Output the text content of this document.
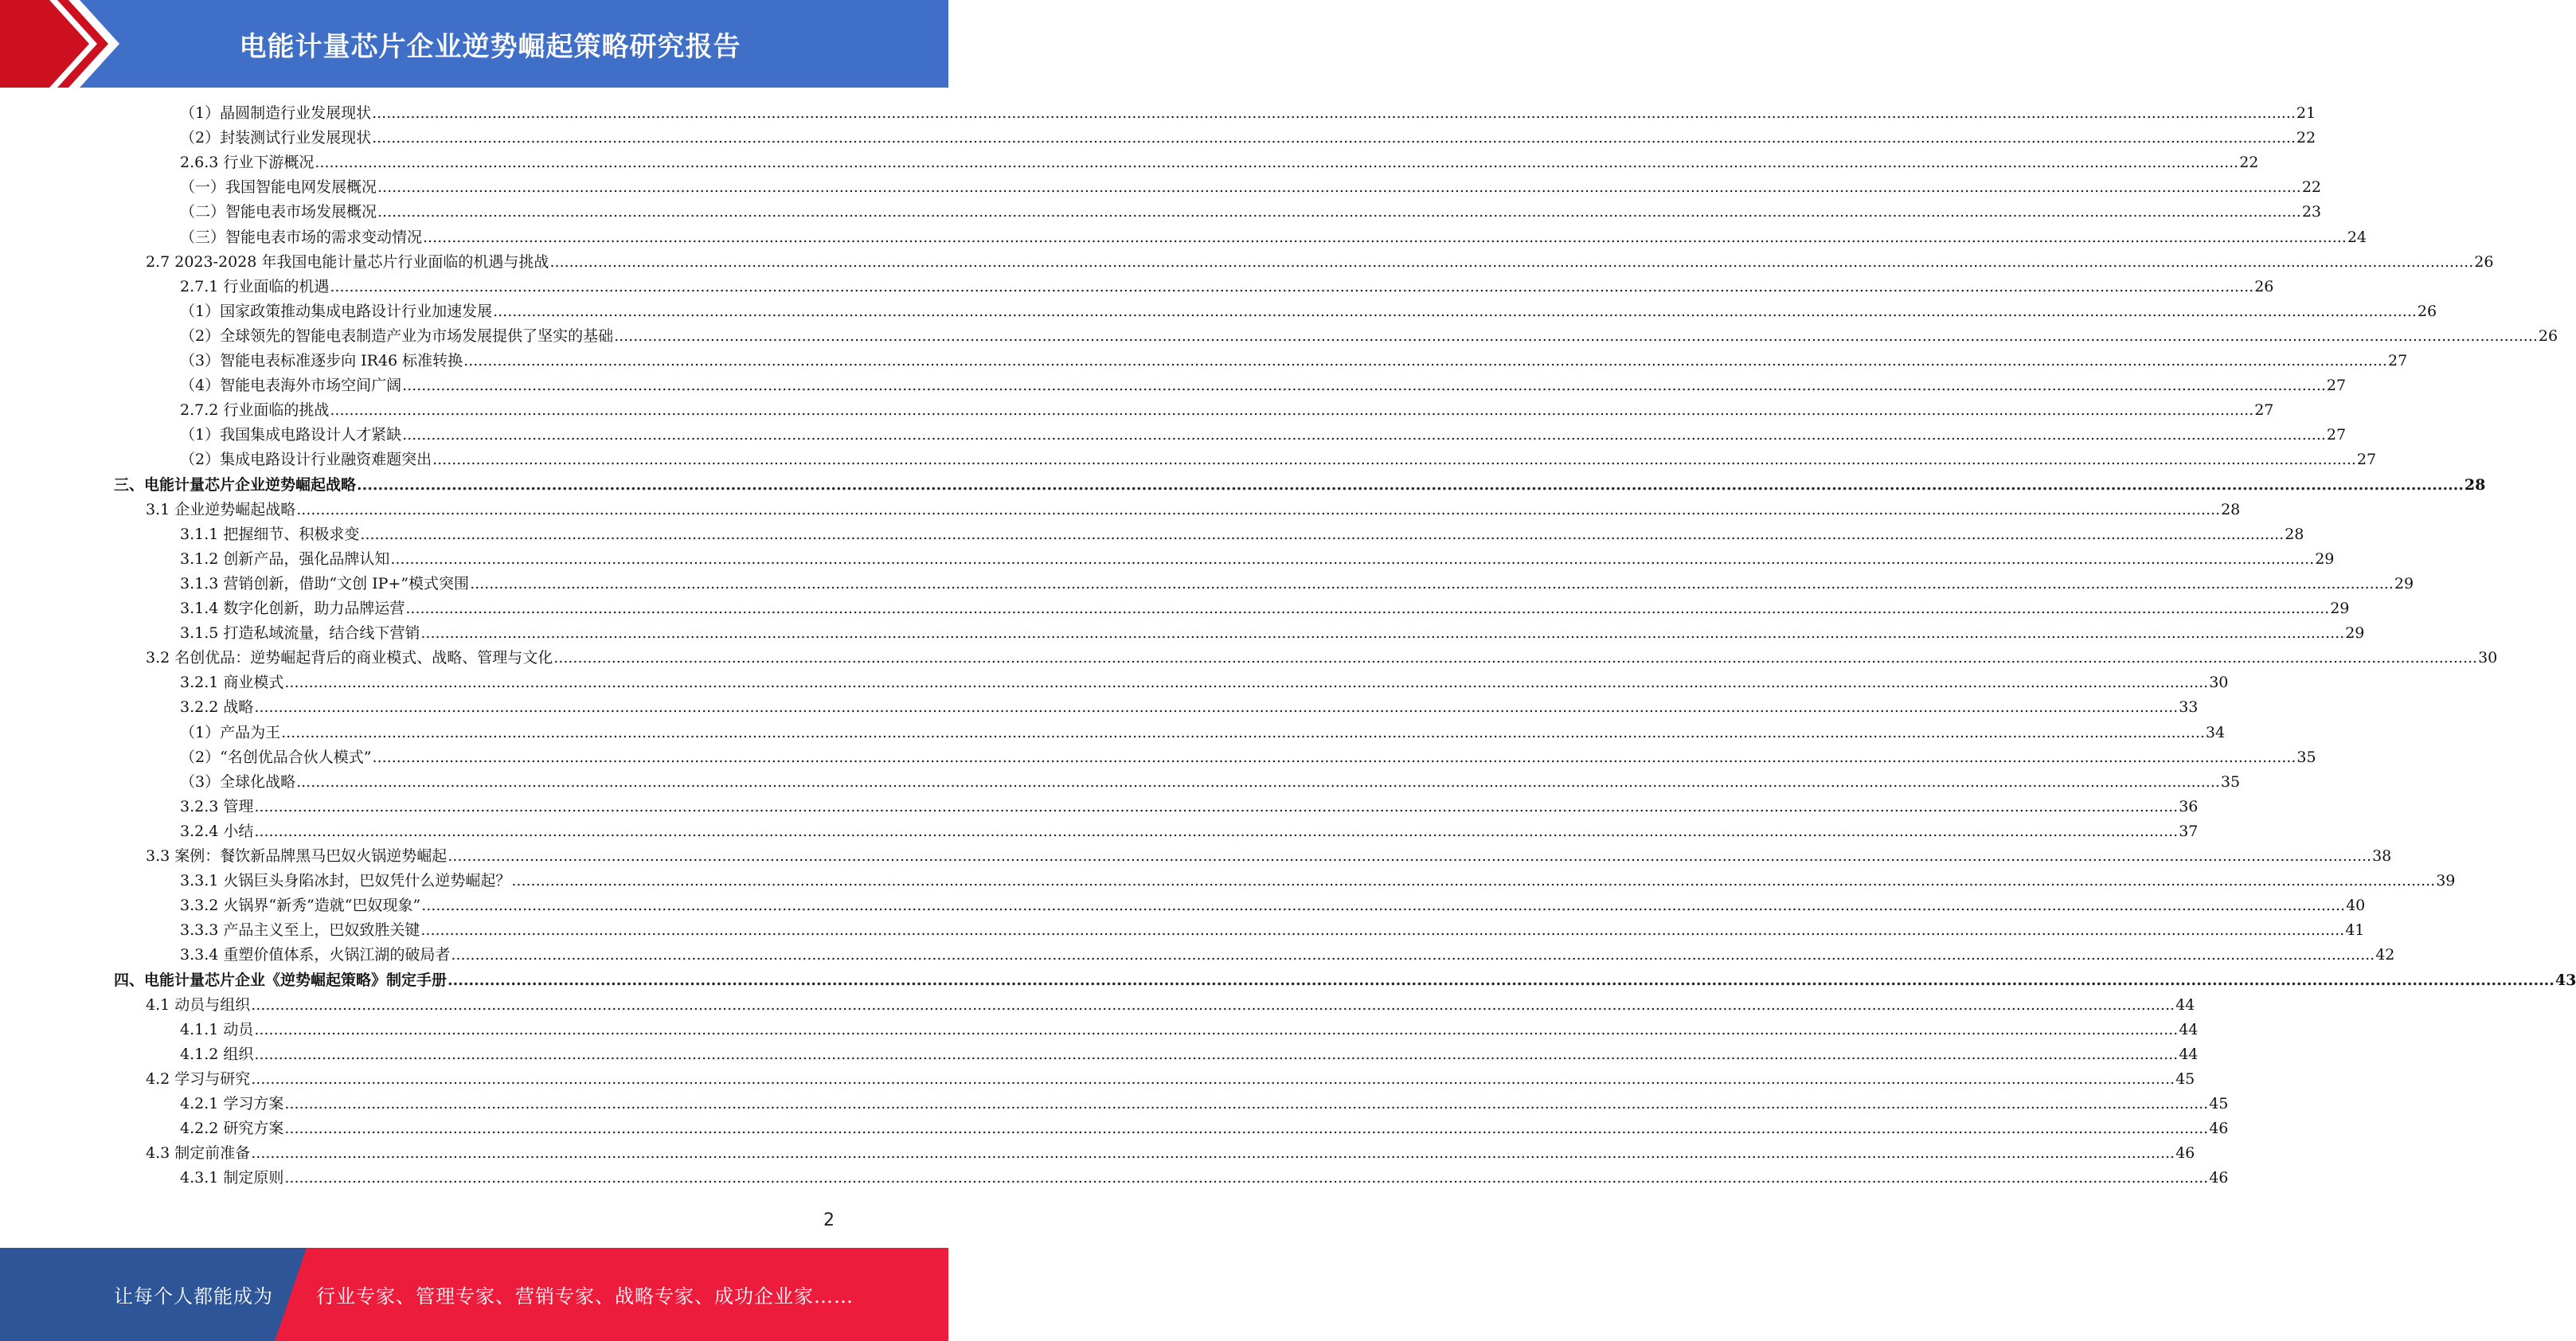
电能计量芯片企业逆势崛起策略研究报告
（1）晶圆制造行业发展现状 ................................................................................................................................................................................................................................................................................................................................................................................................................ 21
（2）封装测试行业发展现状 ................................................................................................................................................................................................................................................................................................................................................................................................................ 22
2.6.3 行业下游概况 ................................................................................................................................................................................................................................................................................................................................................................................................................ 22
（一）我国智能电网发展概况 ................................................................................................................................................................................................................................................................................................................................................................................................................ 22
（二）智能电表市场发展概况 ................................................................................................................................................................................................................................................................................................................................................................................................................ 23
（三）智能电表市场的需求变动情况 ................................................................................................................................................................................................................................................................................................................................................................................................................ 24
2.7 2023-2028 年我国电能计量芯片行业面临的机遇与挑战 ................................................................................................................................................................................................................................................................................................................................................................................................................ 26
2.7.1 行业面临的机遇 ................................................................................................................................................................................................................................................................................................................................................................................................................ 26
（1）国家政策推动集成电路设计行业加速发展 ................................................................................................................................................................................................................................................................................................................................................................................................................ 26
（2）全球领先的智能电表制造产业为市场发展提供了坚实的基础 ................................................................................................................................................................................................................................................................................................................................................................................................................ 26
（3）智能电表标准逐步向 IR46 标准转换 ................................................................................................................................................................................................................................................................................................................................................................................................................ 27
（4）智能电表海外市场空间广阔 ................................................................................................................................................................................................................................................................................................................................................................................................................ 27
2.7.2 行业面临的挑战 ................................................................................................................................................................................................................................................................................................................................................................................................................ 27
（1）我国集成电路设计人才紧缺 ................................................................................................................................................................................................................................................................................................................................................................................................................ 27
（2）集成电路设计行业融资难题突出 ................................................................................................................................................................................................................................................................................................................................................................................................................ 27
三、电能计量芯片企业逆势崛起战略 ................................................................................................................................................................................................................................................................................................................................................................................................................ 28
3.1 企业逆势崛起战略 ................................................................................................................................................................................................................................................................................................................................................................................................................ 28
3.1.1 把握细节、积极求变 ................................................................................................................................................................................................................................................................................................................................................................................................................ 28
3.1.2 创新产品，强化品牌认知 ................................................................................................................................................................................................................................................................................................................................................................................................................ 29
3.1.3 营销创新，借助“文创 IP+”模式突围 ................................................................................................................................................................................................................................................................................................................................................................................................................ 29
3.1.4 数字化创新，助力品牌运营 ................................................................................................................................................................................................................................................................................................................................................................................................................ 29
3.1.5 打造私域流量，结合线下营销 ................................................................................................................................................................................................................................................................................................................................................................................................................ 29
3.2 名创优品：逆势崛起背后的商业模式、战略、管理与文化 ................................................................................................................................................................................................................................................................................................................................................................................................................ 30
3.2.1 商业模式 ................................................................................................................................................................................................................................................................................................................................................................................................................ 30
3.2.2 战略 ................................................................................................................................................................................................................................................................................................................................................................................................................ 33
（1）产品为王 ................................................................................................................................................................................................................................................................................................................................................................................................................ 34
（2）“名创优品合伙人模式” ................................................................................................................................................................................................................................................................................................................................................................................................................ 35
（3）全球化战略 ................................................................................................................................................................................................................................................................................................................................................................................................................ 35
3.2.3 管理 ................................................................................................................................................................................................................................................................................................................................................................................................................ 36
3.2.4 小结 ................................................................................................................................................................................................................................................................................................................................................................................................................ 37
3.3 案例：餐饮新品牌黑马巴奴火锅逆势崛起 ................................................................................................................................................................................................................................................................................................................................................................................................................ 38
3.3.1 火锅巨头身陷冰封，巴奴凭什么逆势崛起？ ................................................................................................................................................................................................................................................................................................................................................................................................................ 39
3.3.2 火锅界“新秀”造就“巴奴现象” ................................................................................................................................................................................................................................................................................................................................................................................................................ 40
3.3.3 产品主义至上，巴奴致胜关键 ................................................................................................................................................................................................................................................................................................................................................................................................................ 41
3.3.4 重塑价值体系，火锅江湖的破局者 ................................................................................................................................................................................................................................................................................................................................................................................................................ 42
四、电能计量芯片企业《逆势崛起策略》制定手册 ................................................................................................................................................................................................................................................................................................................................................................................................................ 43
4.1 动员与组织 ................................................................................................................................................................................................................................................................................................................................................................................................................ 44
4.1.1 动员 ................................................................................................................................................................................................................................................................................................................................................................................................................ 44
4.1.2 组织 ................................................................................................................................................................................................................................................................................................................................................................................................................ 44
4.2 学习与研究 ................................................................................................................................................................................................................................................................................................................................................................................................................ 45
4.2.1 学习方案 ................................................................................................................................................................................................................................................................................................................................................................................................................ 45
4.2.2 研究方案 ................................................................................................................................................................................................................................................................................................................................................................................................................ 46
4.3 制定前准备 ................................................................................................................................................................................................................................................................................................................................................................................................................ 46
4.3.1 制定原则 ................................................................................................................................................................................................................................................................................................................................................................................................................ 46
2
让每个人都能成为 行业专家、管理专家、营销专家、战略专家、成功企业家……
